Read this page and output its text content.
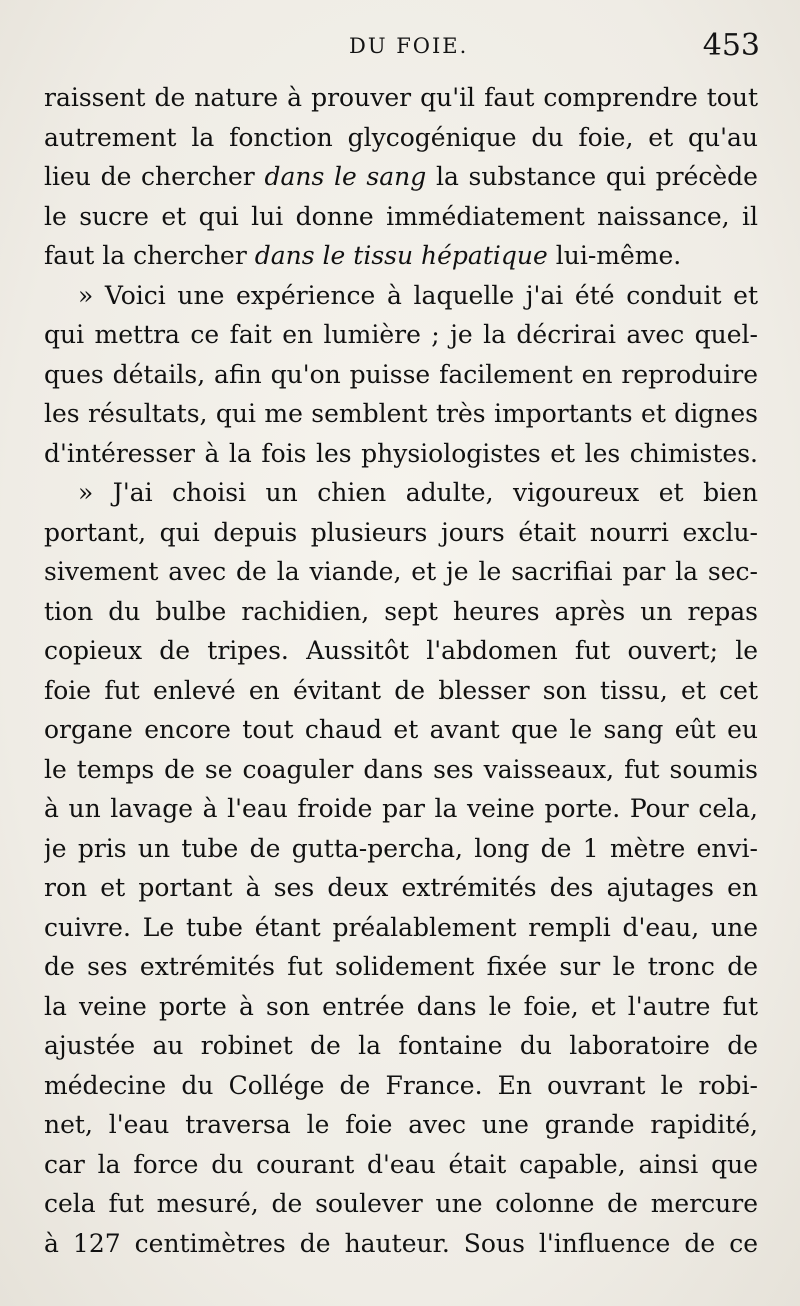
DU FOIE.	453
raissent de nature à prouver qu'il faut comprendre tout
autrement la fonction glycogénique du foie, et qu'au
lieu de chercher dans le sang la substance qui précède
le sucre et qui lui donne immédiatement naissance, il
faut la chercher dans le tissu hépatique lui-même.
» Voici une expérience à laquelle j'ai été conduit et
qui mettra ce fait en lumière ; je la décrirai avec quel-
ques détails, afin qu'on puisse facilement en reproduire
les résultats, qui me semblent très importants et dignes
d'intéresser à la fois les physiologistes et les chimistes.
» J'ai choisi un chien adulte, vigoureux et bien
portant, qui depuis plusieurs jours était nourri exclu-
sivement avec de la viande, et je le sacrifiai par la sec-
tion du bulbe rachidien, sept heures après un repas
copieux de tripes. Aussitôt l'abdomen fut ouvert; le
foie fut enlevé en évitant de blesser son tissu, et cet
organe encore tout chaud et avant que le sang eût eu
le temps de se coaguler dans ses vaisseaux, fut soumis
à un lavage à l'eau froide par la veine porte. Pour cela,
je pris un tube de gutta-percha, long de 1 mètre envi-
ron et portant à ses deux extrémités des ajutages en
cuivre. Le tube étant préalablement rempli d'eau, une
de ses extrémités fut solidement fixée sur le tronc de
la veine porte à son entrée dans le foie, et l'autre fut
ajustée au robinet de la fontaine du laboratoire de
médecine du Collége de France. En ouvrant le robi-
net, l'eau traversa le foie avec une grande rapidité,
car la force du courant d'eau était capable, ainsi que
cela fut mesuré, de soulever une colonne de mercure
à 127 centimètres de hauteur. Sous l'influence de ce
